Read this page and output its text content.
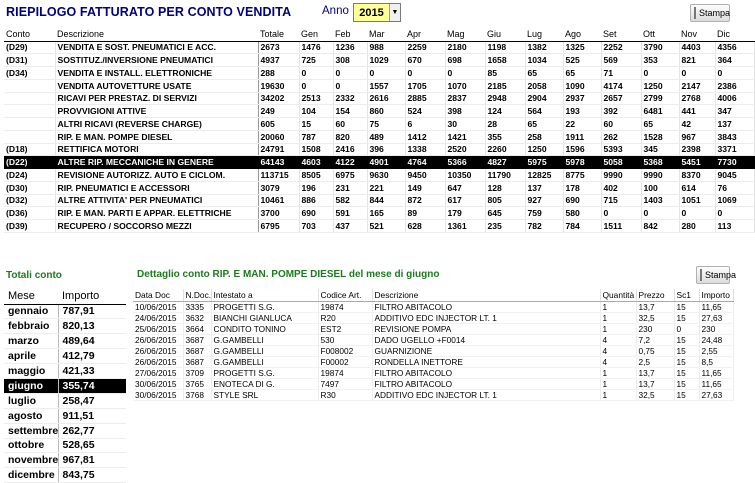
RIEPILOGO FATTURATO PER CONTO VENDITA	Anno 2015	▼	Stampa
Conto	Descrizione	Totale	Gen	Feb	Mar	Apr	Mag	Giu	Lug	Ago	Set	Ott	Nov	Dic
(D29)	VENDITA E SOST. PNEUMATICI E ACC.	2673	1476	1236	988	2259	2180	1198	1382	1325	2252	3790	4403	4356
(D31)	SOSTITUZ./INVERSIONE PNEUMATICI	4937	725	308	1029	670	698	1658	1034	525	569	353	821	364
(D34)	VENDITA E INSTALL. ELETTRONICHE	288	0	0	0	0	0	85	65	65	71	0	0	0
	VENDITA AUTOVETTURE USATE	19630	0	0	1557	1705	1070	2185	2058	1090	4174	1250	2147	2386
	RICAVI PER PRESTAZ. DI SERVIZI	34202	2513	2332	2616	2885	2837	2948	2904	2937	2657	2799	2768	4006
	PROVVIGIONI ATTIVE	249	104	154	860	524	398	124	564	193	392	6481	441	347
	ALTRI RICAVI (REVERSE CHARGE)	605	15	60	75	6	30	28	65	22	60	65	42	137
	RIP. E MAN. POMPE DIESEL	20060	787	820	489	1412	1421	355	258	1911	262	1528	967	3843
(D18)	RETTIFICA MOTORI	24791	1508	2416	396	1338	2520	2260	1250	1596	5393	345	2398	3371
(D22)	ALTRE RIP. MECCANICHE IN GENERE	64143	4603	4122	4901	4764	5366	4827	5975	5978	5058	5368	5451	7730
(D24)	REVISIONE AUTORIZZ. AUTO E CICLOM.	113715	8505	6975	9630	9450	10350	11790	12825	8775	9990	9990	8370	9045
(D30)	RIP. PNEUMATICI E ACCESSORI	3079	196	231	221	149	647	128	137	178	402	100	614	76
(D32)	ALTRE ATTIVITA' PER PNEUMATICI	10461	886	582	844	872	617	805	927	690	715	1403	1051	1069
(D36)	RIP. E MAN. PARTI E APPAR. ELETTRICHE	3700	690	591	165	89	179	645	759	580	0	0	0	0
(D39)	RECUPERO / SOCCORSO MEZZI	6795	703	437	521	628	1361	235	782	784	1511	842	280	113
Totali conto	Dettaglio conto RIP. E MAN. POMPE DIESEL del mese di giugno	Stampa
Mese	Importo
gennaio	787,91
febbraio	820,13
marzo	489,64
aprile	412,79
maggio	421,33
giugno	355,74
luglio	258,47
agosto	911,51
settembre	262,77
ottobre	528,65
novembre	967,81
dicembre	843,75
Data Doc	N.Doc.	Intestato a	Codice Art.	Descrizione	Quantità	Prezzo	Sc1	Importo
10/06/2015	3335	PROGETTI S.G.	19874	FILTRO ABITACOLO	1	13,7	15	11,65
24/06/2015	3632	BIANCHI GIANLUCA	R20	ADDITIVO EDC INJECTOR LT. 1	1	32,5	15	27,63
25/06/2015	3664	CONDITO TONINO	EST2	REVISIONE POMPA	1	230	0	230
26/06/2015	3687	G.GAMBELLI	530	DADO UGELLO +F0014	4	7,2	15	24,48
26/06/2015	3687	G.GAMBELLI	F008002	GUARNIZIONE	4	0,75	15	2,55
26/06/2015	3687	G.GAMBELLI	F00002	RONDELLA INETTORE	4	2,5	15	8,5
27/06/2015	3709	PROGETTI S.G.	19874	FILTRO ABITACOLO	1	13,7	15	11,65
30/06/2015	3765	ENOTECA DI G.	7497	FILTRO ABITACOLO	1	13,7	15	11,65
30/06/2015	3768	STYLE SRL	R30	ADDITIVO EDC INJECTOR LT. 1	1	32,5	15	27,63
